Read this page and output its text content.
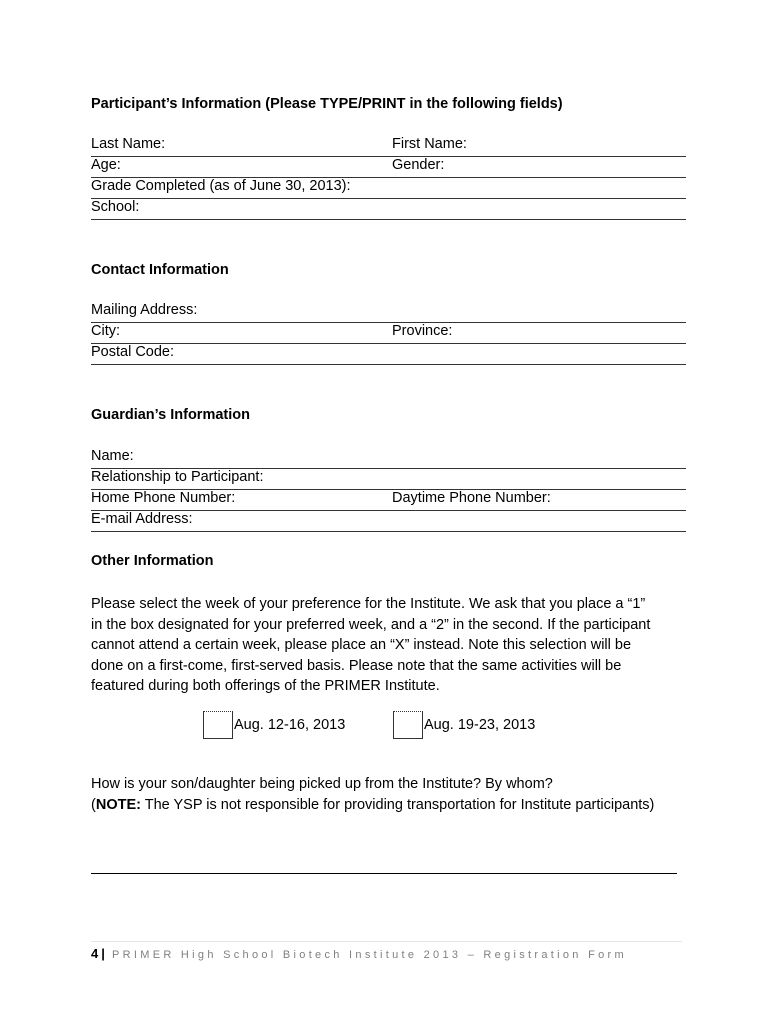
Participant’s Information (Please TYPE/PRINT in the following fields)
Last Name:	First Name:
Age:	Gender:
Grade Completed (as of June 30, 2013):
School:
Contact Information
Mailing Address:
City:	Province:
Postal Code:
Guardian’s Information
Name:
Relationship to Participant:
Home Phone Number:	Daytime Phone Number:
E-mail Address:
Other Information

Please select the week of your preference for the Institute. We ask that you place a “1”

in the box designated for your preferred week, and a “2” in the second. If the participant

cannot attend a certain week, please place an “X” instead. Note this selection will be

done on a first-come, first-served basis. Please note that the same activities will be

featured during both offerings of the PRIMER Institute.

Aug. 12-16, 2013	Aug. 19-23, 2013

How is your son/daughter being picked up from the Institute? By whom?

(NOTE: The YSP is not responsible for providing transportation for Institute participants)

4 | PRIMER High School Biotech Institute 2013 – Registration Form
